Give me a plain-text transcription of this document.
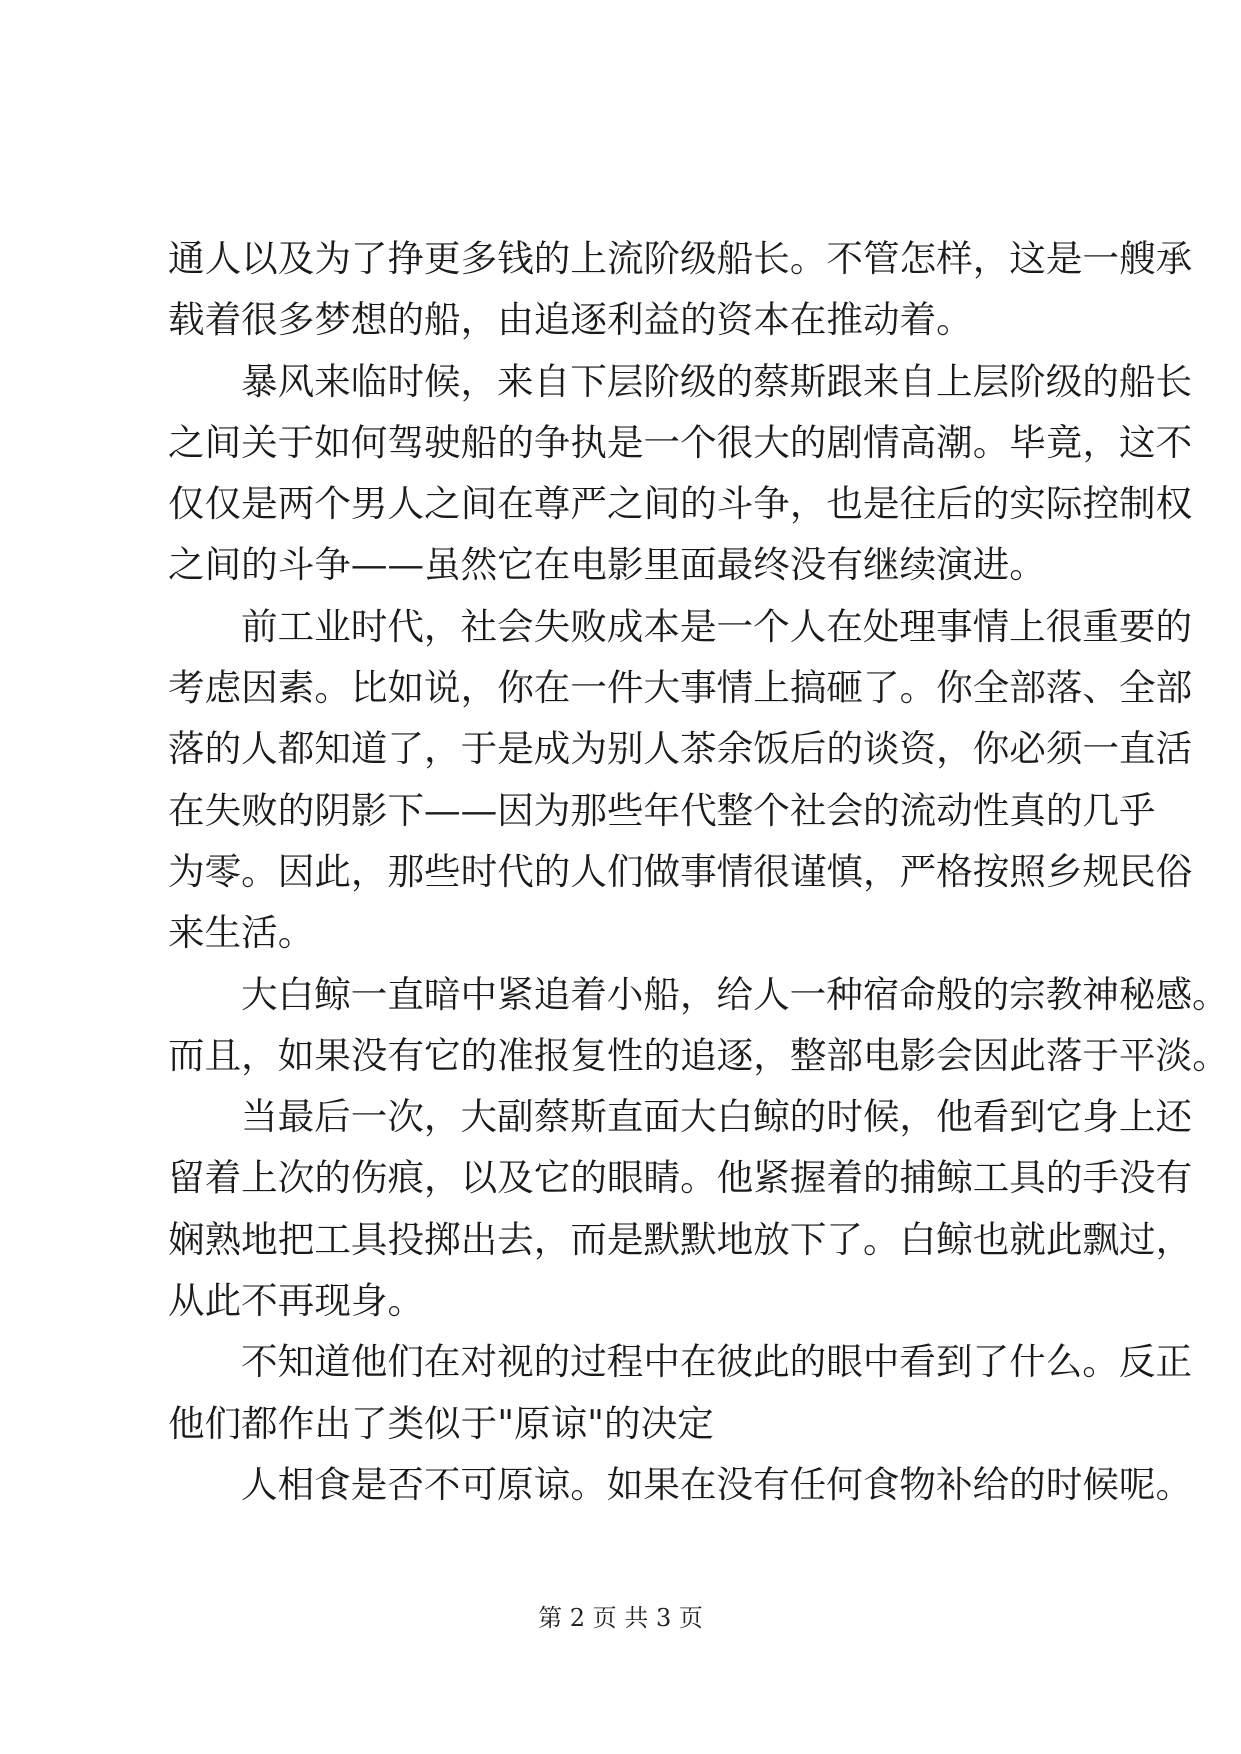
通人以及为了挣更多钱的上流阶级船长。不管怎样，这是一艘承
载着很多梦想的船，由追逐利益的资本在推动着。
暴风来临时候，来自下层阶级的蔡斯跟来自上层阶级的船长
之间关于如何驾驶船的争执是一个很大的剧情高潮。毕竟，这不
仅仅是两个男人之间在尊严之间的斗争，也是往后的实际控制权
之间的斗争——虽然它在电影里面最终没有继续演进。
前工业时代，社会失败成本是一个人在处理事情上很重要的
考虑因素。比如说，你在一件大事情上搞砸了。你全部落、全部
落的人都知道了，于是成为别人茶余饭后的谈资，你必须一直活
在失败的阴影下——因为那些年代整个社会的流动性真的几乎
为零。因此，那些时代的人们做事情很谨慎，严格按照乡规民俗
来生活。
大白鲸一直暗中紧追着小船，给人一种宿命般的宗教神秘感。
而且，如果没有它的准报复性的追逐，整部电影会因此落于平淡。
当最后一次，大副蔡斯直面大白鲸的时候，他看到它身上还
留着上次的伤痕，以及它的眼睛。他紧握着的捕鲸工具的手没有
娴熟地把工具投掷出去，而是默默地放下了。白鲸也就此飘过，
从此不再现身。
不知道他们在对视的过程中在彼此的眼中看到了什么。反正
他们都作出了类似于"原谅"的决定
人相食是否不可原谅。如果在没有任何食物补给的时候呢。
第 2 页 共 3 页
